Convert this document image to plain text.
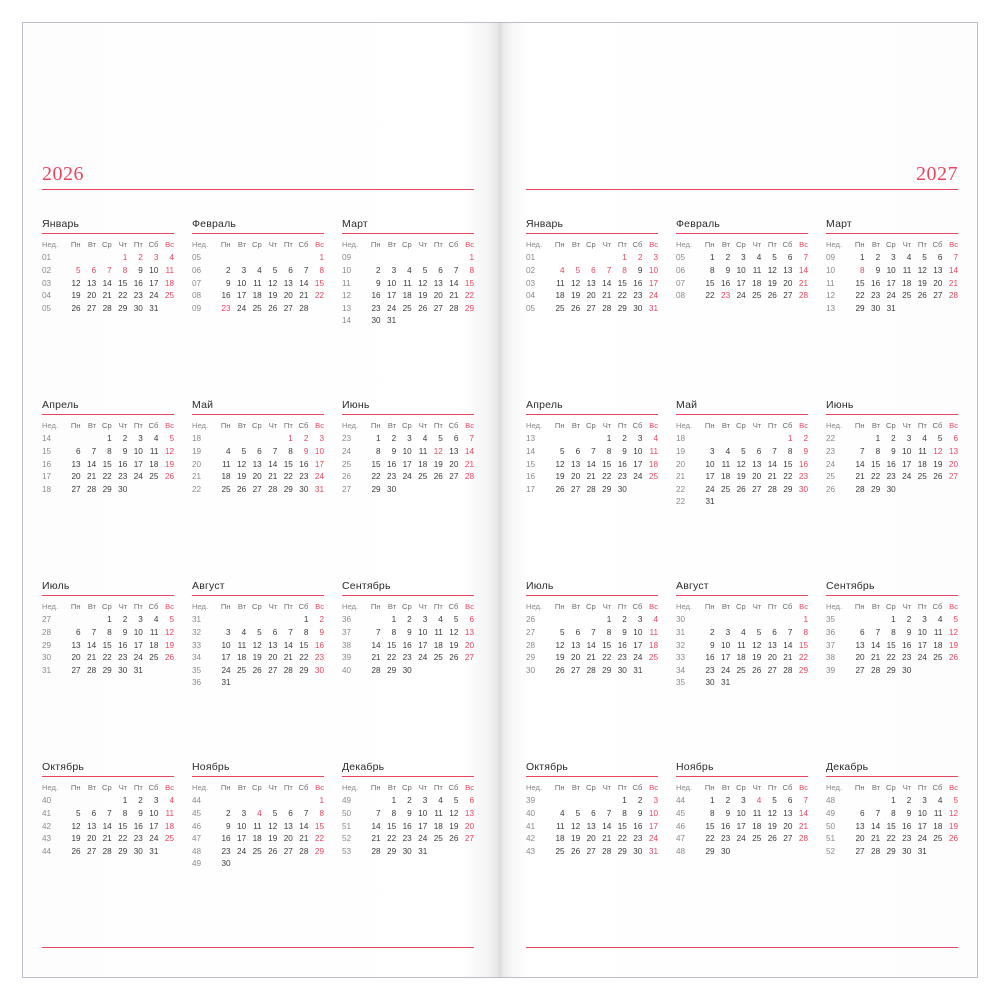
2026
Январь
Нед.	Пн	Вт	Ср	Чт	Пт	Сб	Вс
01				1	2	3	4
02	5	6	7	8	9	10	11
03	12	13	14	15	16	17	18
04	19	20	21	22	23	24	25
05	26	27	28	29	30	31	
Февраль
Нед.	Пн	Вт	Ср	Чт	Пт	Сб	Вс
05							1
06	2	3	4	5	6	7	8
07	9	10	11	12	13	14	15
08	16	17	18	19	20	21	22
09	23	24	25	26	27	28	
Март
Нед.	Пн	Вт	Ср	Чт	Пт	Сб	Вс
09							1
10	2	3	4	5	6	7	8
11	9	10	11	12	13	14	15
12	16	17	18	19	20	21	22
13	23	24	25	26	27	28	29
14	30	31					
Апрель
Нед.	Пн	Вт	Ср	Чт	Пт	Сб	Вс
14			1	2	3	4	5
15	6	7	8	9	10	11	12
16	13	14	15	16	17	18	19
17	20	21	22	23	24	25	26
18	27	28	29	30			
Май
Нед.	Пн	Вт	Ср	Чт	Пт	Сб	Вс
18					1	2	3
19	4	5	6	7	8	9	10
20	11	12	13	14	15	16	17
21	18	19	20	21	22	23	24
22	25	26	27	28	29	30	31
Июнь
Нед.	Пн	Вт	Ср	Чт	Пт	Сб	Вс
23	1	2	3	4	5	6	7
24	8	9	10	11	12	13	14
25	15	16	17	18	19	20	21
26	22	23	24	25	26	27	28
27	29	30					
Июль
Нед.	Пн	Вт	Ср	Чт	Пт	Сб	Вс
27			1	2	3	4	5
28	6	7	8	9	10	11	12
29	13	14	15	16	17	18	19
30	20	21	22	23	24	25	26
31	27	28	29	30	31		
Август
Нед.	Пн	Вт	Ср	Чт	Пт	Сб	Вс
31						1	2
32	3	4	5	6	7	8	9
33	10	11	12	13	14	15	16
34	17	18	19	20	21	22	23
35	24	25	26	27	28	29	30
36	31						
Сентябрь
Нед.	Пн	Вт	Ср	Чт	Пт	Сб	Вс
36		1	2	3	4	5	6
37	7	8	9	10	11	12	13
38	14	15	16	17	18	19	20
39	21	22	23	24	25	26	27
40	28	29	30				
Октябрь
Нед.	Пн	Вт	Ср	Чт	Пт	Сб	Вс
40				1	2	3	4
41	5	6	7	8	9	10	11
42	12	13	14	15	16	17	18
43	19	20	21	22	23	24	25
44	26	27	28	29	30	31	
Ноябрь
Нед.	Пн	Вт	Ср	Чт	Пт	Сб	Вс
44							1
45	2	3	4	5	6	7	8
46	9	10	11	12	13	14	15
47	16	17	18	19	20	21	22
48	23	24	25	26	27	28	29
49	30						
Декабрь
Нед.	Пн	Вт	Ср	Чт	Пт	Сб	Вс
49		1	2	3	4	5	6
50	7	8	9	10	11	12	13
51	14	15	16	17	18	19	20
52	21	22	23	24	25	26	27
53	28	29	30	31			
2027
Январь
Нед.	Пн	Вт	Ср	Чт	Пт	Сб	Вс
01					1	2	3
02	4	5	6	7	8	9	10
03	11	12	13	14	15	16	17
04	18	19	20	21	22	23	24
05	25	26	27	28	29	30	31
Февраль
Нед.	Пн	Вт	Ср	Чт	Пт	Сб	Вс
05	1	2	3	4	5	6	7
06	8	9	10	11	12	13	14
07	15	16	17	18	19	20	21
08	22	23	24	25	26	27	28
Март
Нед.	Пн	Вт	Ср	Чт	Пт	Сб	Вс
09	1	2	3	4	5	6	7
10	8	9	10	11	12	13	14
11	15	16	17	18	19	20	21
12	22	23	24	25	26	27	28
13	29	30	31				
Апрель
Нед.	Пн	Вт	Ср	Чт	Пт	Сб	Вс
13				1	2	3	4
14	5	6	7	8	9	10	11
15	12	13	14	15	16	17	18
16	19	20	21	22	23	24	25
17	26	27	28	29	30		
Май
Нед.	Пн	Вт	Ср	Чт	Пт	Сб	Вс
18						1	2
19	3	4	5	6	7	8	9
20	10	11	12	13	14	15	16
21	17	18	19	20	21	22	23
22	24	25	26	27	28	29	30
22	31						
Июнь
Нед.	Пн	Вт	Ср	Чт	Пт	Сб	Вс
22		1	2	3	4	5	6
23	7	8	9	10	11	12	13
24	14	15	16	17	18	19	20
25	21	22	23	24	25	26	27
26	28	29	30				
Июль
Нед.	Пн	Вт	Ср	Чт	Пт	Сб	Вс
26				1	2	3	4
27	5	6	7	8	9	10	11
28	12	13	14	15	16	17	18
29	19	20	21	22	23	24	25
30	26	27	28	29	30	31	
Август
Нед.	Пн	Вт	Ср	Чт	Пт	Сб	Вс
30							1
31	2	3	4	5	6	7	8
32	9	10	11	12	13	14	15
33	16	17	18	19	20	21	22
34	23	24	25	26	27	28	29
35	30	31					
Сентябрь
Нед.	Пн	Вт	Ср	Чт	Пт	Сб	Вс
35			1	2	3	4	5
36	6	7	8	9	10	11	12
37	13	14	15	16	17	18	19
38	20	21	22	23	24	25	26
39	27	28	29	30			
Октябрь
Нед.	Пн	Вт	Ср	Чт	Пт	Сб	Вс
39					1	2	3
40	4	5	6	7	8	9	10
41	11	12	13	14	15	16	17
42	18	19	20	21	22	23	24
43	25	26	27	28	29	30	31
Ноябрь
Нед.	Пн	Вт	Ср	Чт	Пт	Сб	Вс
44	1	2	3	4	5	6	7
45	8	9	10	11	12	13	14
46	15	16	17	18	19	20	21
47	22	23	24	25	26	27	28
48	29	30					
Декабрь
Нед.	Пн	Вт	Ср	Чт	Пт	Сб	Вс
48			1	2	3	4	5
49	6	7	8	9	10	11	12
50	13	14	15	16	17	18	19
51	20	21	22	23	24	25	26
52	27	28	29	30	31		
